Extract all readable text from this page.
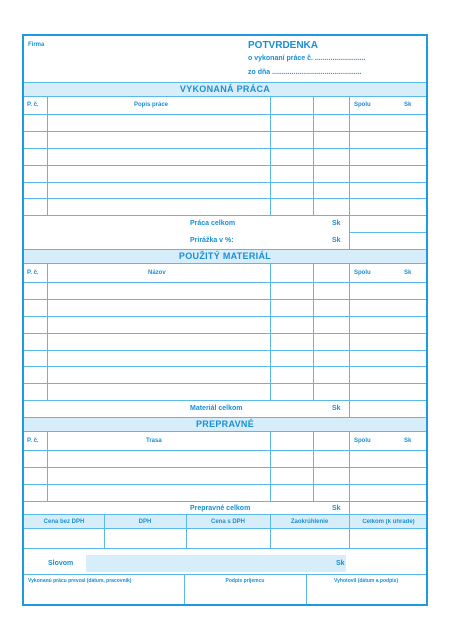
Firma	POTVRDENKA
o vykonaní práce č. ..........................
zo dňa ..............................................
VYKONANÁ PRÁCA
P. č.	Popis práce	Spolu	Sk
Práca celkom	Sk
Prirážka v %:	Sk
POUŽITÝ MATERIÁL
P. č.	Názov	Spolu	Sk
Materiál celkom	Sk
PREPRAVNÉ
P. č.	Trasa	Spolu	Sk
Prepravné celkom	Sk
Cena bez DPH	DPH	Cena s DPH	Zaokrúhlenie	Celkom (k úhrade)
Slovom	Sk
Vykonanú prácu prevzal (dátum, pracovník)	Podpis príjemcu	Vyhotovil (dátum a podpis)
